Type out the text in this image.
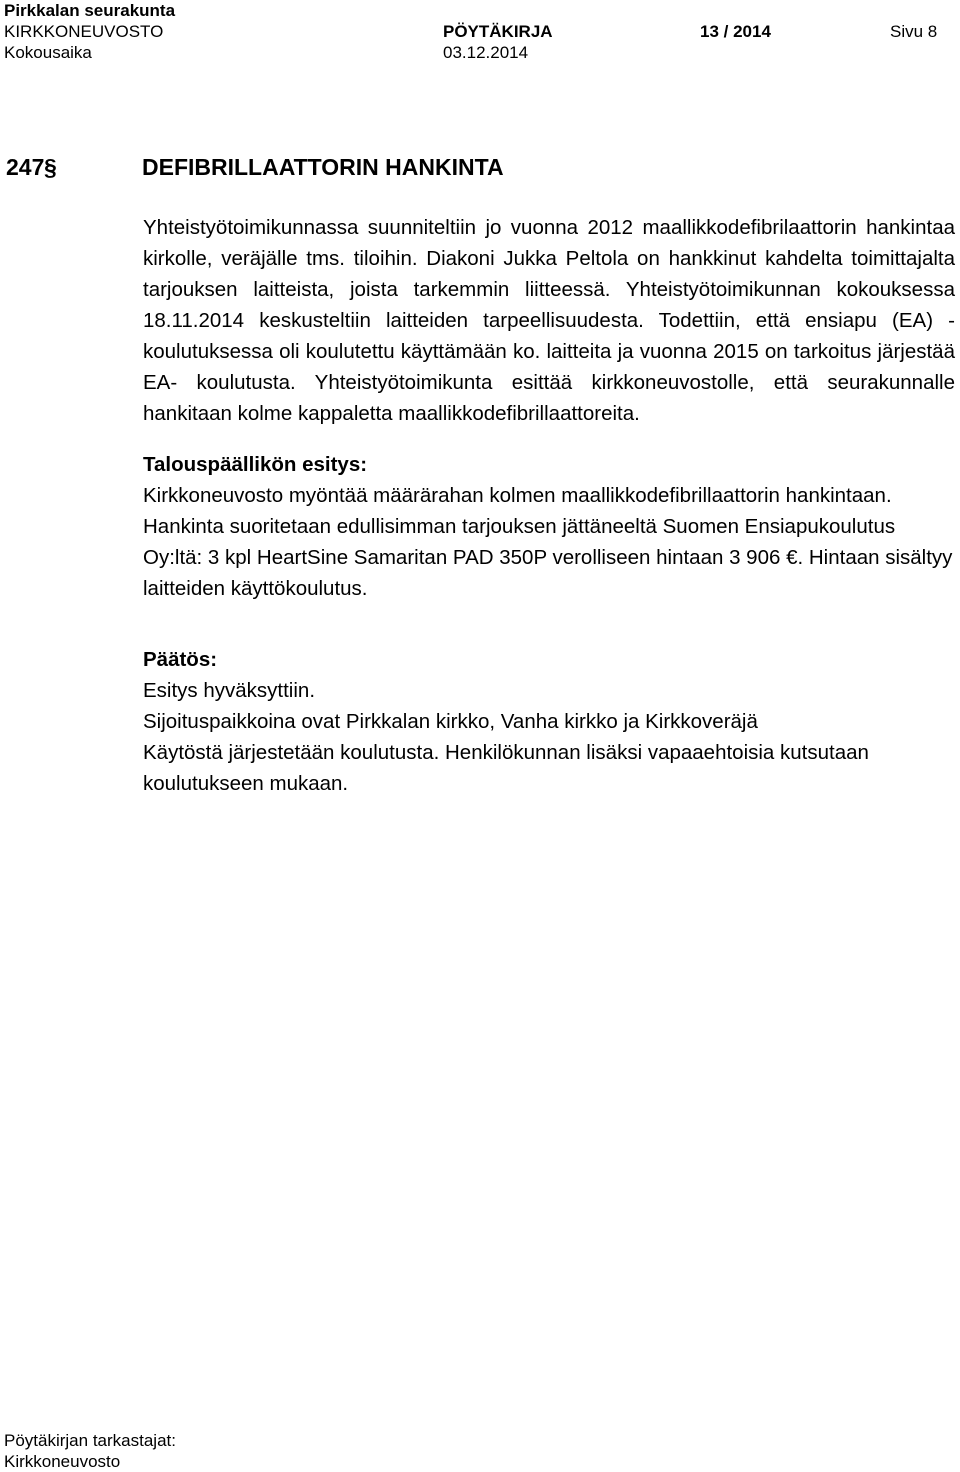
Pirkkalan seurakunta
KIRKKONEUVOSTO	PÖYTÄKIRJA	13 / 2014	Sivu 8
Kokousaika	03.12.2014
247§	DEFIBRILLAATTORIN HANKINTA

Yhteistyötoimikunnassa suunniteltiin jo vuonna 2012 maallikkodefibrilaattorin hankintaa kirkolle, veräjälle tms. tiloihin. Diakoni Jukka Peltola on hankkinut kahdelta toimittajalta tarjouksen laitteista, joista tarkemmin liitteessä. Yhteistyötoimikunnan kokouksessa 18.11.2014 keskusteltiin laitteiden tarpeellisuudesta. Todettiin, että ensiapu (EA) -koulutuksessa oli koulutettu käyttämään ko. laitteita ja vuonna 2015 on tarkoitus järjestää EA- koulutusta. Yhteistyötoimikunta esittää kirkkoneuvostolle, että seurakunnalle hankitaan kolme kappaletta maallikkodefibrillaattoreita.

Talouspäällikön esitys:

Kirkkoneuvosto myöntää määrärahan kolmen maallikkodefibrillaattorin hankintaan.

Hankinta suoritetaan edullisimman tarjouksen jättäneeltä Suomen Ensiapukoulutus Oy:ltä: 3 kpl HeartSine Samaritan PAD 350P verolliseen hintaan 3 906 €. Hintaan sisältyy laitteiden käyttökoulutus.

Päätös:

Esitys hyväksyttiin.

Sijoituspaikkoina ovat Pirkkalan kirkko, Vanha kirkko ja Kirkkoveräjä

Käytöstä järjestetään koulutusta. Henkilökunnan lisäksi vapaaehtoisia kutsutaan koulutukseen mukaan.

Pöytäkirjan tarkastajat:
Kirkkoneuvosto
